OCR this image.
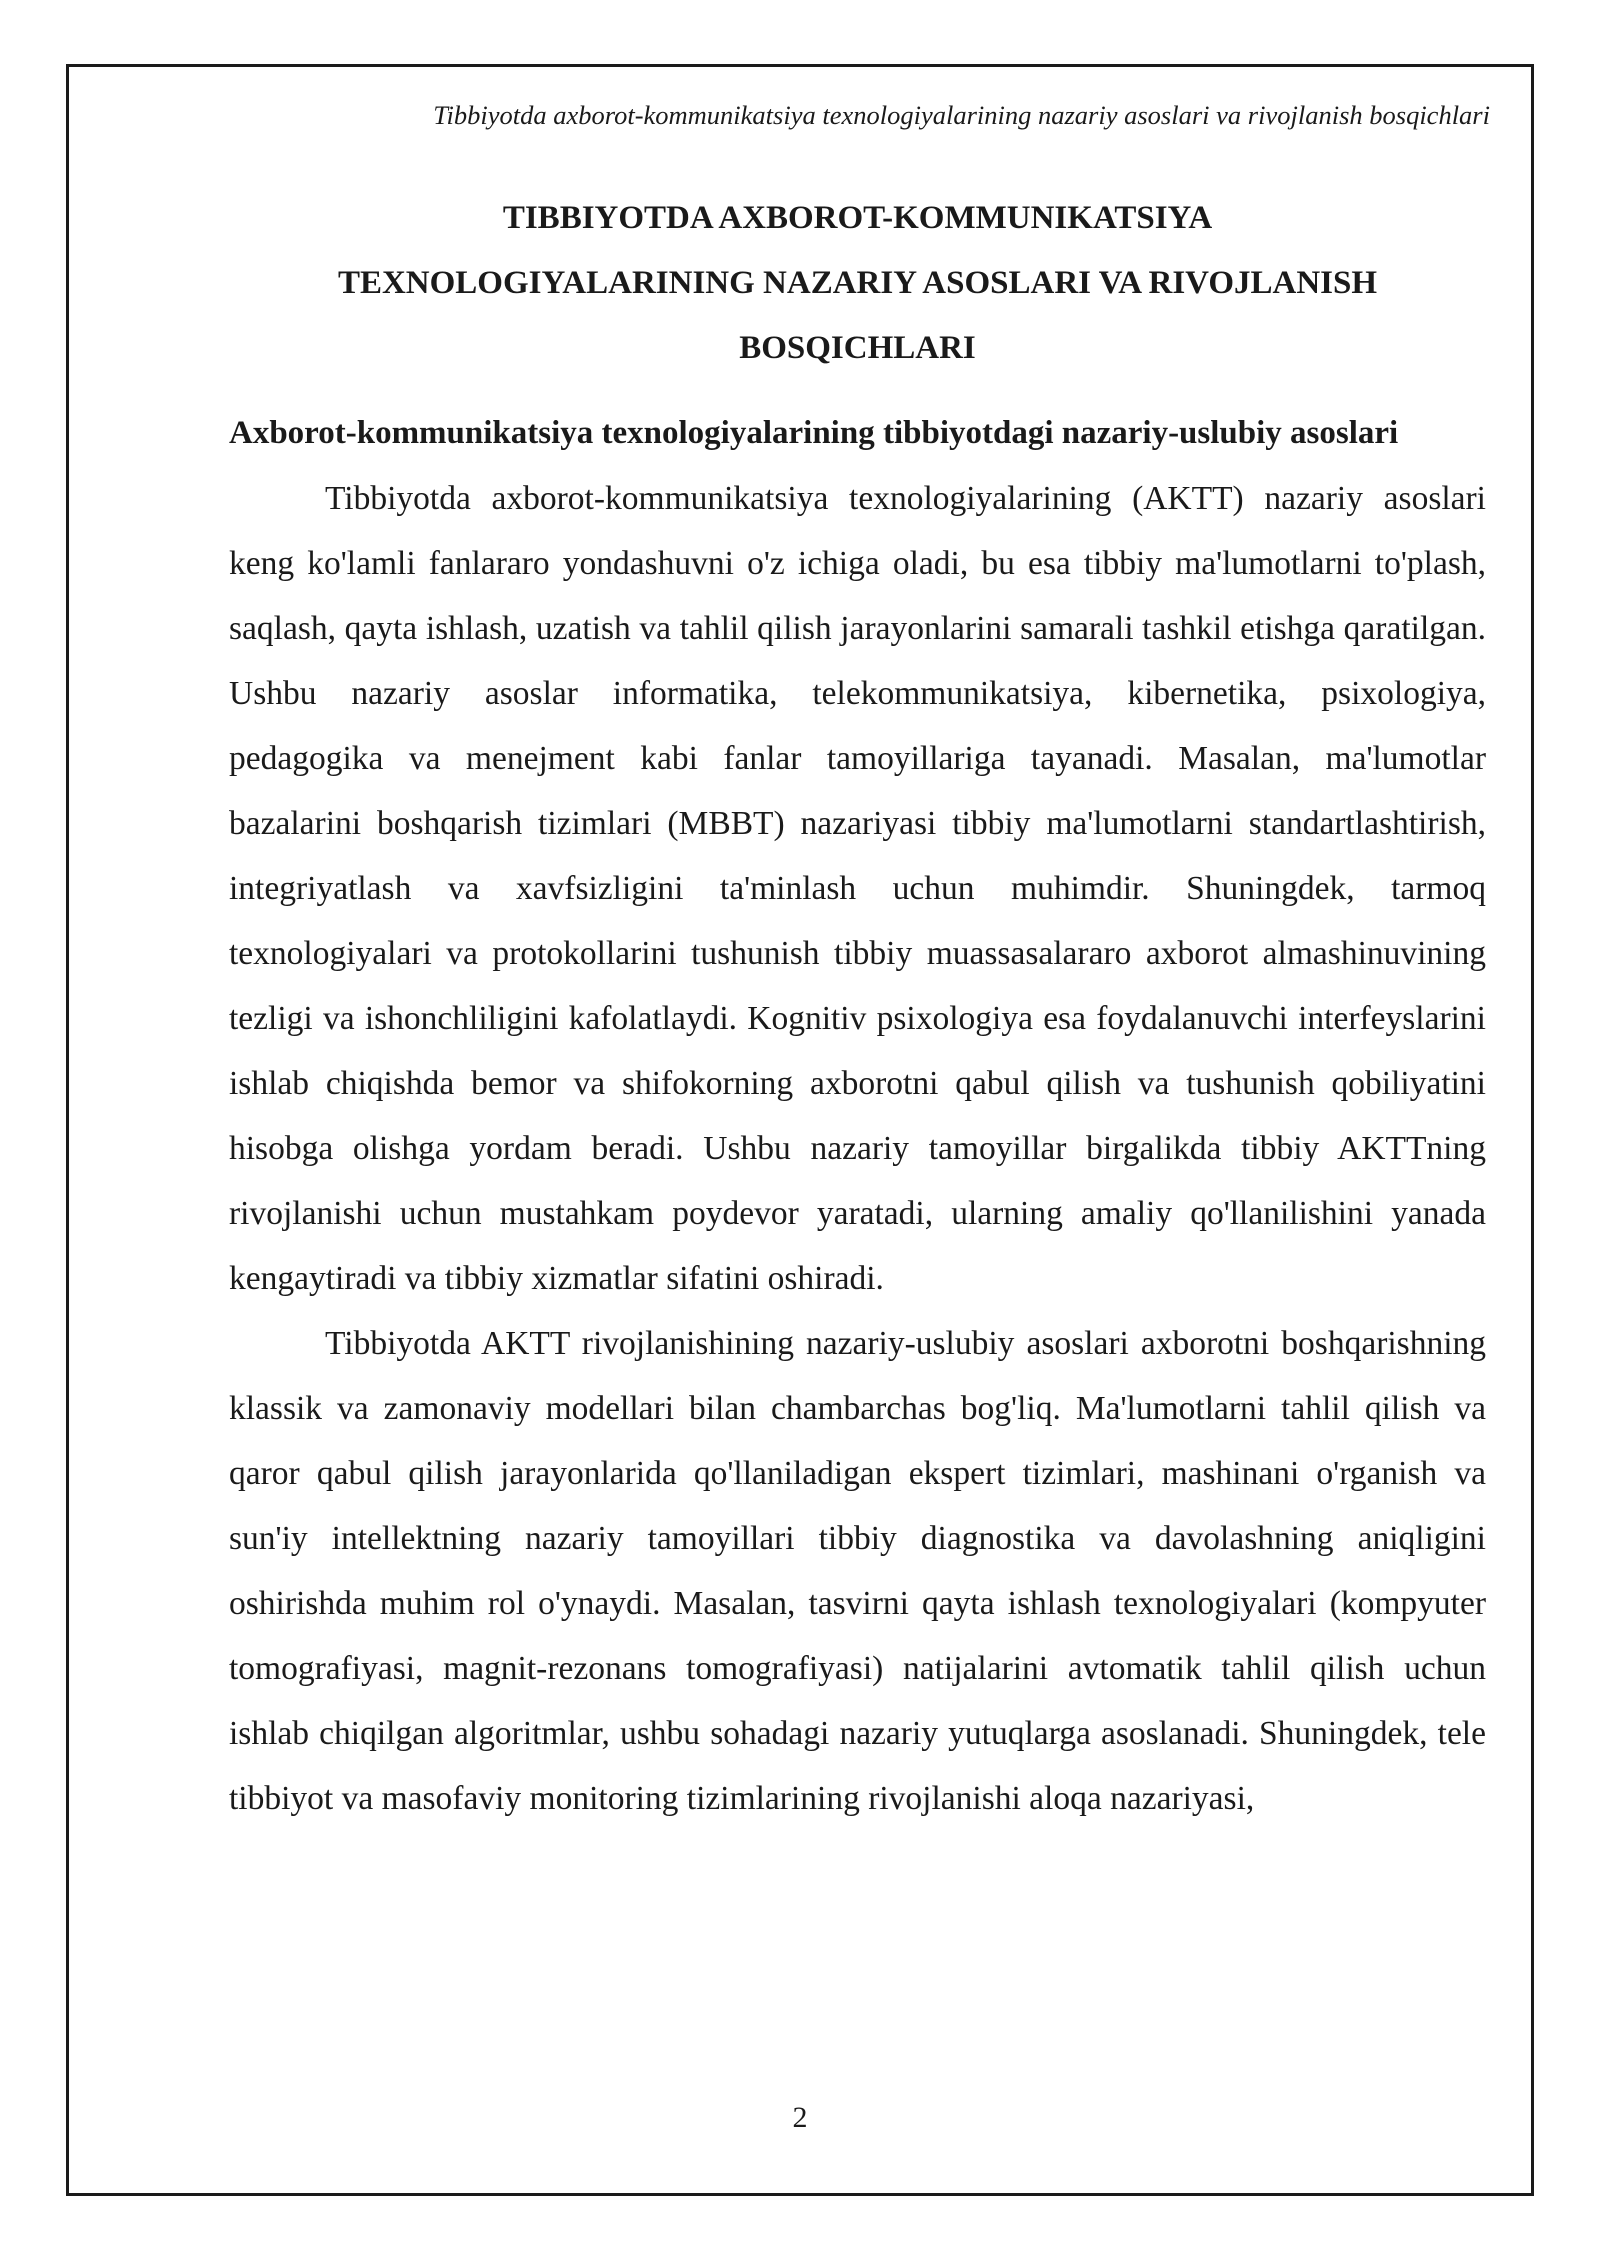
Tibbiyotda axborot-kommunikatsiya texnologiyalarining nazariy asoslari va rivojlanish bosqichlari
TIBBIYOTDA AXBOROT-KOMMUNIKATSIYA
TEXNOLOGIYALARINING NAZARIY ASOSLARI VA RIVOJLANISH
BOSQICHLARI
Axborot-kommunikatsiya texnologiyalarining tibbiyotdagi nazariy-uslubiy asoslari

Tibbiyotda axborot-kommunikatsiya texnologiyalarining (AKTT) nazariy asoslari keng ko'lamli fanlararo yondashuvni o'z ichiga oladi, bu esa tibbiy ma'lumotlarni to'plash, saqlash, qayta ishlash, uzatish va tahlil qilish jarayonlarini samarali tashkil etishga qaratilgan. Ushbu nazariy asoslar informatika, telekommunikatsiya, kibernetika, psixologiya, pedagogika va menejment kabi fanlar tamoyillariga tayanadi. Masalan, ma'lumotlar bazalarini boshqarish tizimlari (MBBT) nazariyasi tibbiy ma'lumotlarni standartlashtirish, integriyatlash va xavfsizligini ta'minlash uchun muhimdir. Shuningdek, tarmoq texnologiyalari va protokollarini tushunish tibbiy muassasalararo axborot almashinuvining tezligi va ishonchliligini kafolatlaydi. Kognitiv psixologiya esa foydalanuvchi interfeyslarini ishlab chiqishda bemor va shifokorning axborotni qabul qilish va tushunish qobiliyatini hisobga olishga yordam beradi. Ushbu nazariy tamoyillar birgalikda tibbiy AKTTning rivojlanishi uchun mustahkam poydevor yaratadi, ularning amaliy qo'llanilishini yanada kengaytiradi va tibbiy xizmatlar sifatini oshiradi.

Tibbiyotda AKTT rivojlanishining nazariy-uslubiy asoslari axborotni boshqarishning klassik va zamonaviy modellari bilan chambarchas bog'liq. Ma'lumotlarni tahlil qilish va qaror qabul qilish jarayonlarida qo'llaniladigan ekspert tizimlari, mashinani o'rganish va sun'iy intellektning nazariy tamoyillari tibbiy diagnostika va davolashning aniqligini oshirishda muhim rol o'ynaydi. Masalan, tasvirni qayta ishlash texnologiyalari (kompyuter tomografiyasi, magnit-rezonans tomografiyasi) natijalarini avtomatik tahlil qilish uchun ishlab chiqilgan algoritmlar, ushbu sohadagi nazariy yutuqlarga asoslanadi. Shuningdek, tele tibbiyot va masofaviy monitoring tizimlarining rivojlanishi aloqa nazariyasi,

2
